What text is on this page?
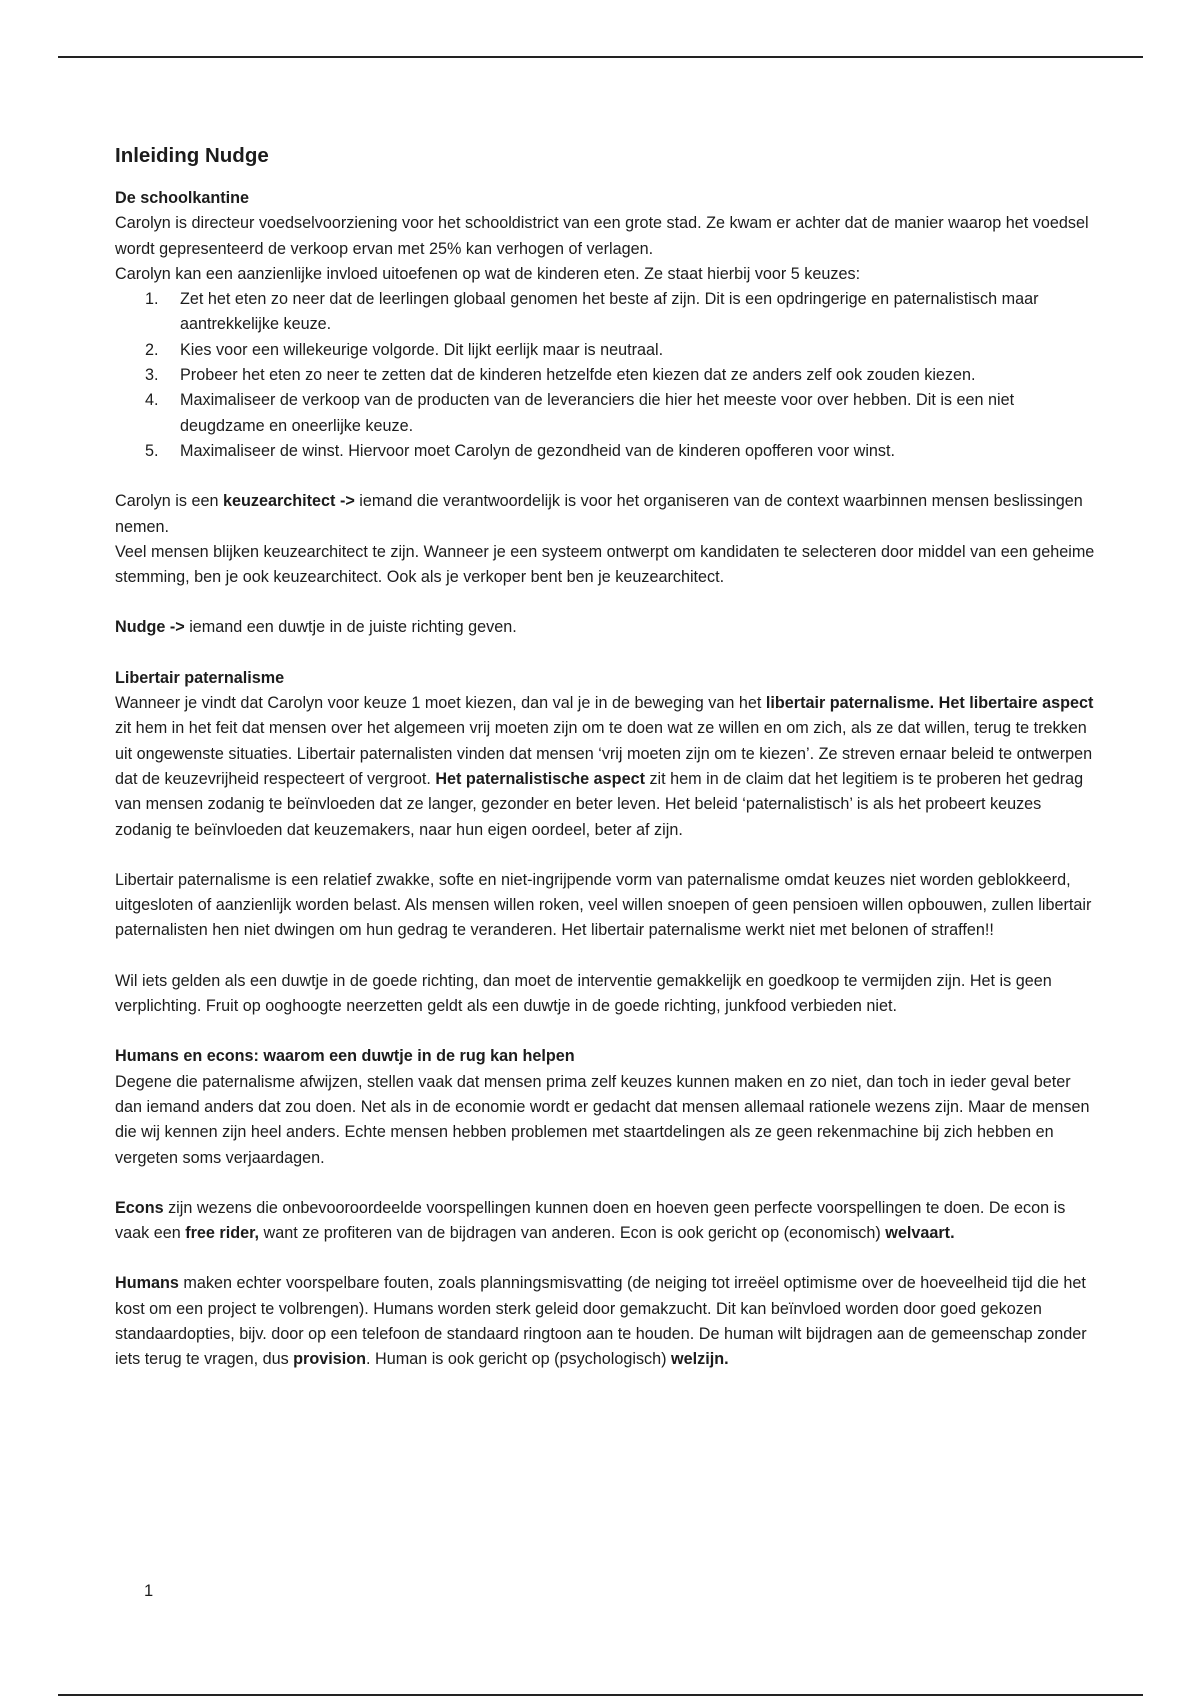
Inleiding Nudge

De schoolkantine

Carolyn is directeur voedselvoorziening voor het schooldistrict van een grote stad. Ze kwam er achter dat de manier waarop het voedsel wordt gepresenteerd de verkoop ervan met 25% kan verhogen of verlagen.

Carolyn kan een aanzienlijke invloed uitoefenen op wat de kinderen eten. Ze staat hierbij voor 5 keuzes:

1. Zet het eten zo neer dat de leerlingen globaal genomen het beste af zijn. Dit is een opdringerige en paternalistisch maar aantrekkelijke keuze.
2. Kies voor een willekeurige volgorde. Dit lijkt eerlijk maar is neutraal.
3. Probeer het eten zo neer te zetten dat de kinderen hetzelfde eten kiezen dat ze anders zelf ook zouden kiezen.
4. Maximaliseer de verkoop van de producten van de leveranciers die hier het meeste voor over hebben. Dit is een niet deugdzame en oneerlijke keuze.
5. Maximaliseer de winst. Hiervoor moet Carolyn de gezondheid van de kinderen opofferen voor winst.

Carolyn is een keuzearchitect -> iemand die verantwoordelijk is voor het organiseren van de context waarbinnen mensen beslissingen nemen.

Veel mensen blijken keuzearchitect te zijn. Wanneer je een systeem ontwerpt om kandidaten te selecteren door middel van een geheime stemming, ben je ook keuzearchitect. Ook als je verkoper bent ben je keuzearchitect.

Nudge -> iemand een duwtje in de juiste richting geven.

Libertair paternalisme

Wanneer je vindt dat Carolyn voor keuze 1 moet kiezen, dan val je in de beweging van het libertair paternalisme. Het libertaire aspect zit hem in het feit dat mensen over het algemeen vrij moeten zijn om te doen wat ze willen en om zich, als ze dat willen, terug te trekken uit ongewenste situaties. Libertair paternalisten vinden dat mensen ‘vrij moeten zijn om te kiezen’. Ze streven ernaar beleid te ontwerpen dat de keuzevrijheid respecteert of vergroot. Het paternalistische aspect zit hem in de claim dat het legitiem is te proberen het gedrag van mensen zodanig te beïnvloeden dat ze langer, gezonder en beter leven. Het beleid ‘paternalistisch’ is als het probeert keuzes zodanig te beïnvloeden dat keuzemakers, naar hun eigen oordeel, beter af zijn.

Libertair paternalisme is een relatief zwakke, softe en niet-ingrijpende vorm van paternalisme omdat keuzes niet worden geblokkeerd, uitgesloten of aanzienlijk worden belast. Als mensen willen roken, veel willen snoepen of geen pensioen willen opbouwen, zullen libertair paternalisten hen niet dwingen om hun gedrag te veranderen. Het libertair paternalisme werkt niet met belonen of straffen!!

Wil iets gelden als een duwtje in de goede richting, dan moet de interventie gemakkelijk en goedkoop te vermijden zijn. Het is geen verplichting. Fruit op ooghoogte neerzetten geldt als een duwtje in de goede richting, junkfood verbieden niet.

Humans en econs: waarom een duwtje in de rug kan helpen

Degene die paternalisme afwijzen, stellen vaak dat mensen prima zelf keuzes kunnen maken en zo niet, dan toch in ieder geval beter dan iemand anders dat zou doen. Net als in de economie wordt er gedacht dat mensen allemaal rationele wezens zijn. Maar de mensen die wij kennen zijn heel anders. Echte mensen hebben problemen met staartdelingen als ze geen rekenmachine bij zich hebben en vergeten soms verjaardagen.

Econs zijn wezens die onbevooroordeelde voorspellingen kunnen doen en hoeven geen perfecte voorspellingen te doen. De econ is vaak een free rider, want ze profiteren van de bijdragen van anderen. Econ is ook gericht op (economisch) welvaart.

Humans maken echter voorspelbare fouten, zoals planningsmisvatting (de neiging tot irreëel optimisme over de hoeveelheid tijd die het kost om een project te volbrengen). Humans worden sterk geleid door gemakzucht. Dit kan beïnvloed worden door goed gekozen standaardopties, bijv. door op een telefoon de standaard ringtoon aan te houden. De human wilt bijdragen aan de gemeenschap zonder iets terug te vragen, dus provision. Human is ook gericht op (psychologisch) welzijn.

1
